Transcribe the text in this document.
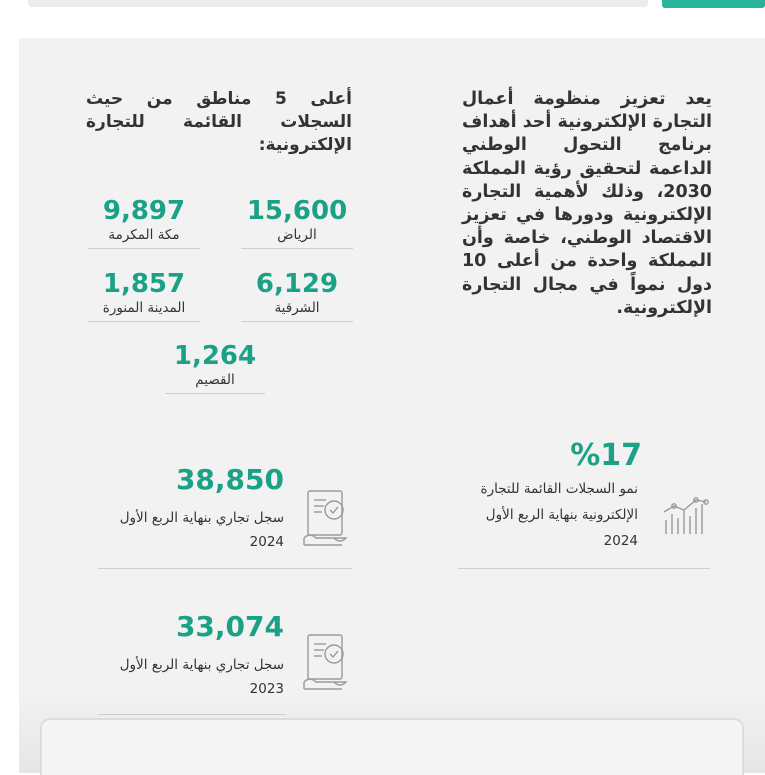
يعد تعزيز منظومة أعمال التجارة الإلكترونية أحد أهداف برنامج التحول الوطني الداعمة لتحقيق رؤية المملكة 2030، وذلك لأهمية التجارة الإلكترونية ودورها في تعزيز الاقتصاد الوطني، خاصة وأن المملكة واحدة من أعلى 10 دول نمواً في مجال التجارة الإلكترونية.
أعلى 5 مناطق من حيث السجلات القائمة للتجارة الإلكترونية:
15,600
الرياض
9,897
مكة المكرمة
6,129
الشرقية
1,857
المدينة المنورة
1,264
القصيم
%17
نمو السجلات القائمة للتجارة الإلكترونية بنهاية الربع الأول 2024
38,850
سجل تجاري بنهاية الربع الأول 2024
33,074
سجل تجاري بنهاية الربع الأول 2023
